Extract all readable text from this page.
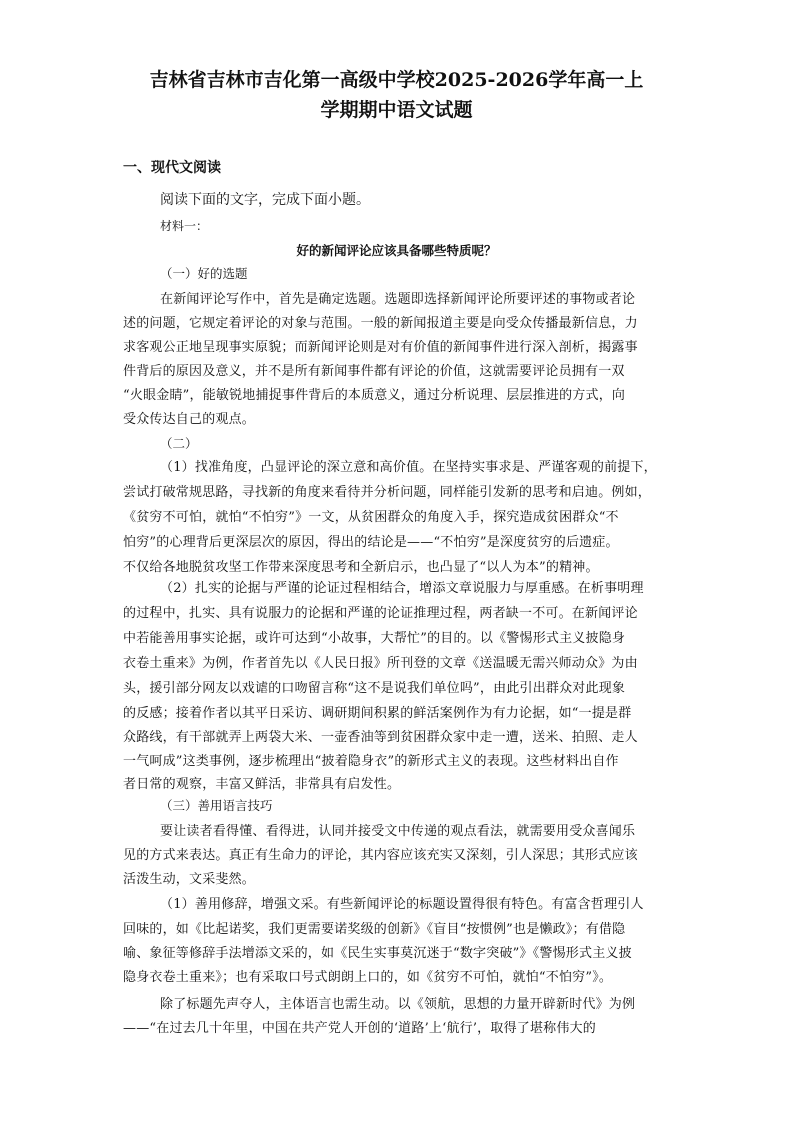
吉林省吉林市吉化第一高级中学校2025-2026学年高一上
学期期中语文试题

一、现代文阅读

阅读下面的文字，完成下面小题。

材料一：

好的新闻评论应该具备哪些特质呢？

（一）好的选题

在新闻评论写作中，首先是确定选题。选题即选择新闻评论所要评述的事物或者论

述的问题，它规定着评论的对象与范围。一般的新闻报道主要是向受众传播最新信息，力

求客观公正地呈现事实原貌；而新闻评论则是对有价值的新闻事件进行深入剖析，揭露事

件背后的原因及意义，并不是所有新闻事件都有评论的价值，这就需要评论员拥有一双

“火眼金睛”，能敏锐地捕捉事件背后的本质意义，通过分析说理、层层推进的方式，向

受众传达自己的观点。

（二）

（1）找准角度，凸显评论的深立意和高价值。在坚持实事求是、严谨客观的前提下，

尝试打破常规思路，寻找新的角度来看待并分析问题，同样能引发新的思考和启迪。例如，

《贫穷不可怕，就怕“不怕穷”》一文，从贫困群众的角度入手，探究造成贫困群众“不

怕穷”的心理背后更深层次的原因，得出的结论是——“不怕穷”是深度贫穷的后遗症。

不仅给各地脱贫攻坚工作带来深度思考和全新启示，也凸显了“以人为本”的精神。

（2）扎实的论据与严谨的论证过程相结合，增添文章说服力与厚重感。在析事明理

的过程中，扎实、具有说服力的论据和严谨的论证推理过程，两者缺一不可。在新闻评论

中若能善用事实论据，或许可达到“小故事，大帮忙”的目的。以《警惕形式主义披隐身

衣卷土重来》为例，作者首先以《人民日报》所刊登的文章《送温暖无需兴师动众》为由

头，援引部分网友以戏谑的口吻留言称“这不是说我们单位吗”，由此引出群众对此现象

的反感；接着作者以其平日采访、调研期间积累的鲜活案例作为有力论据，如“一提是群

众路线，有干部就弄上两袋大米、一壶香油等到贫困群众家中走一遭，送米、拍照、走人

一气呵成”这类事例，逐步梳理出“披着隐身衣”的新形式主义的表现。这些材料出自作

者日常的观察，丰富又鲜活，非常具有启发性。

（三）善用语言技巧

要让读者看得懂、看得进，认同并接受文中传递的观点看法，就需要用受众喜闻乐

见的方式来表达。真正有生命力的评论，其内容应该充实又深刻，引人深思；其形式应该

活泼生动，文采斐然。

（1）善用修辞，增强文采。有些新闻评论的标题设置得很有特色。有富含哲理引人

回味的，如《比起诺奖，我们更需要诺奖级的创新》《盲目“按惯例”也是懒政》；有借隐

喻、象征等修辞手法增添文采的，如《民生实事莫沉迷于“数字突破”》《警惕形式主义披

隐身衣卷土重来》；也有采取口号式朗朗上口的，如《贫穷不可怕，就怕“不怕穷”》。

除了标题先声夺人，主体语言也需生动。以《领航，思想的力量开辟新时代》为例

——“在过去几十年里，中国在共产党人开创的‘道路’上‘航行’，取得了堪称伟大的
